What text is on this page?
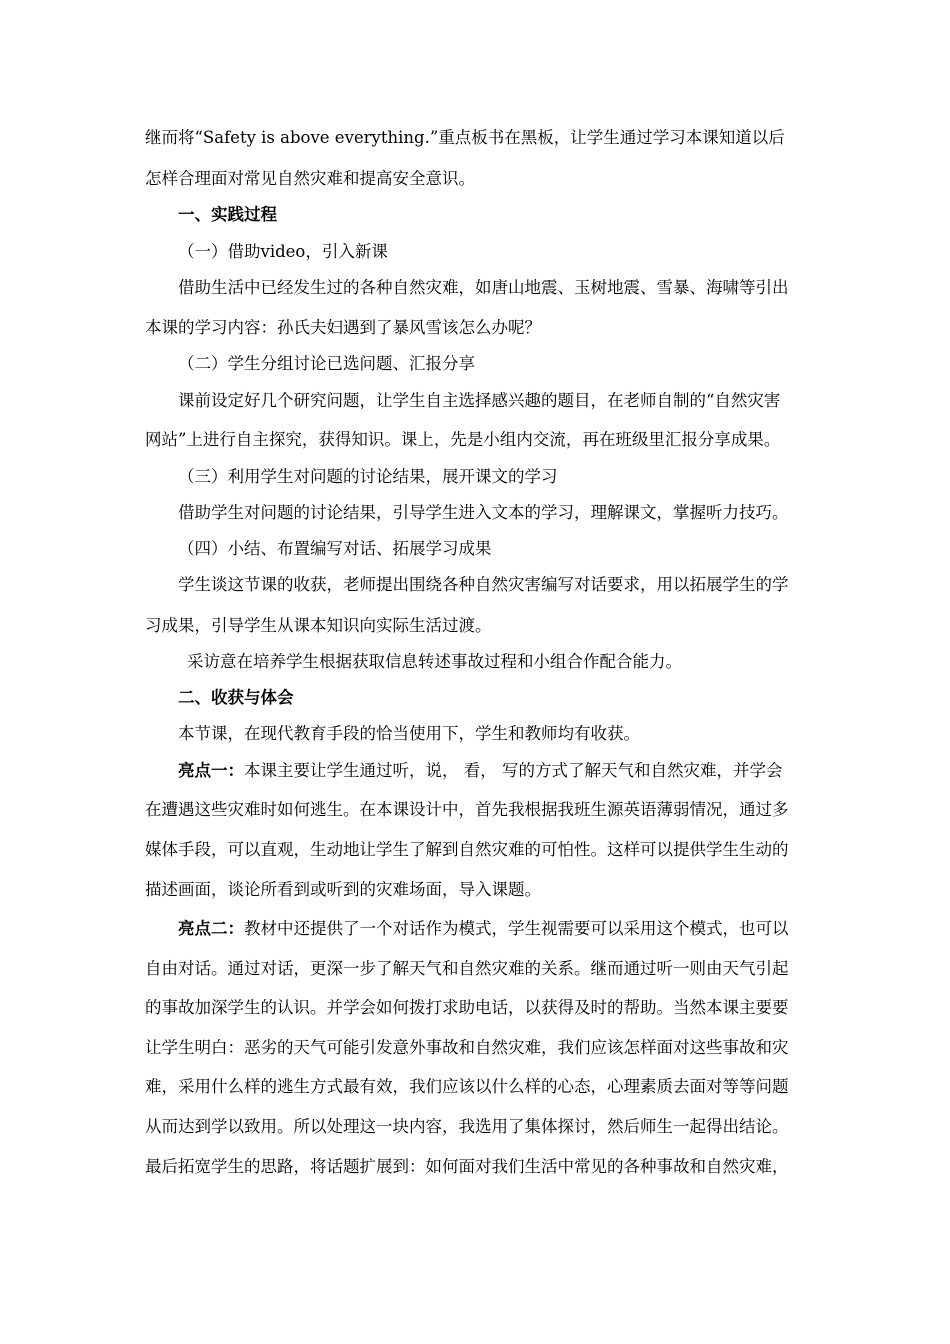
继而将“Safety is above everything.”重点板书在黑板，让学生通过学习本课知道以后

怎样合理面对常见自然灾难和提高安全意识。

一、实践过程

（一）借助video，引入新课

借助生活中已经发生过的各种自然灾难，如唐山地震、玉树地震、雪暴、海啸等引出

本课的学习内容：孙氏夫妇遇到了暴风雪该怎么办呢？

（二）学生分组讨论已选问题、汇报分享

课前设定好几个研究问题，让学生自主选择感兴趣的题目，在老师自制的“自然灾害

网站”上进行自主探究，获得知识。课上，先是小组内交流，再在班级里汇报分享成果。

（三）利用学生对问题的讨论结果，展开课文的学习

借助学生对问题的讨论结果，引导学生进入文本的学习，理解课文，掌握听力技巧。

（四）小结、布置编写对话、拓展学习成果

学生谈这节课的收获，老师提出围绕各种自然灾害编写对话要求，用以拓展学生的学

习成果，引导学生从课本知识向实际生活过渡。

采访意在培养学生根据获取信息转述事故过程和小组合作配合能力。

二、收获与体会

本节课，在现代教育手段的恰当使用下，学生和教师均有收获。

亮点一：本课主要让学生通过听，说， 看， 写的方式了解天气和自然灾难，并学会

在遭遇这些灾难时如何逃生。在本课设计中，首先我根据我班生源英语薄弱情况，通过多

媒体手段，可以直观，生动地让学生了解到自然灾难的可怕性。这样可以提供学生生动的

描述画面，谈论所看到或听到的灾难场面，导入课题。

亮点二：教材中还提供了一个对话作为模式，学生视需要可以采用这个模式，也可以

自由对话。通过对话，更深一步了解天气和自然灾难的关系。继而通过听一则由天气引起

的事故加深学生的认识。并学会如何拨打求助电话，以获得及时的帮助。当然本课主要要

让学生明白：恶劣的天气可能引发意外事故和自然灾难，我们应该怎样面对这些事故和灾

难，采用什么样的逃生方式最有效，我们应该以什么样的心态，心理素质去面对等等问题

从而达到学以致用。所以处理这一块内容，我选用了集体探讨，然后师生一起得出结论。

最后拓宽学生的思路，将话题扩展到：如何面对我们生活中常见的各种事故和自然灾难，
